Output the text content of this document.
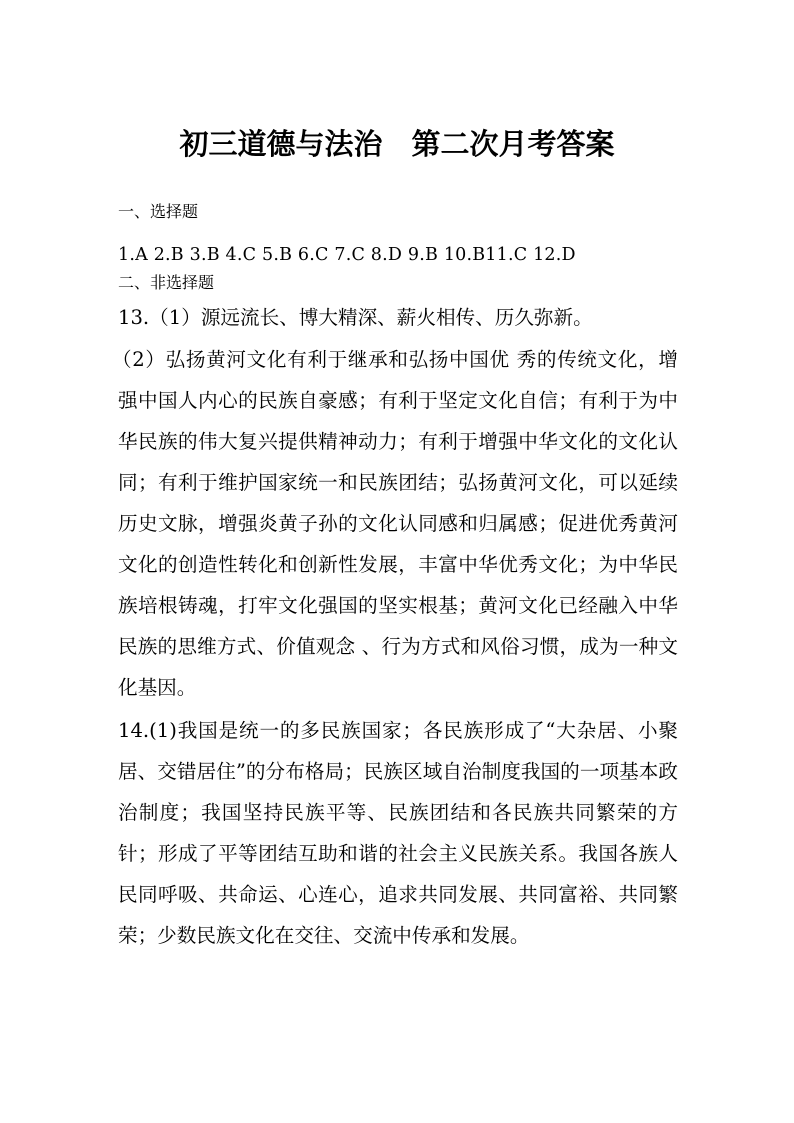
初三道德与法治　第二次月考答案
一、选择题
1.A 2.B 3.B 4.C 5.B 6.C 7.C 8.D 9.B 10.B11.C 12.D
二、非选择题
13.（1）源远流长、博大精深、薪火相传、历久弥新。
（2）弘扬黄河文化有利于继承和弘扬中国优 秀的传统文化，增强中国人内心的民族自豪感；有利于坚定文化自信；有利于为中华民族的伟大复兴提供精神动力；有利于增强中华文化的文化认同；有利于维护国家统一和民族团结；弘扬黄河文化，可以延续历史文脉，增强炎黄子孙的文化认同感和归属感；促进优秀黄河文化的创造性转化和创新性发展，丰富中华优秀文化；为中华民族培根铸魂，打牢文化强国的坚实根基；黄河文化已经融入中华民族的思维方式、价值观念 、行为方式和风俗习惯，成为一种文化基因。
14.(1)我国是统一的多民族国家；各民族形成了“大杂居、小聚居、交错居住”的分布格局；民族区域自治制度我国的一项基本政治制度；我国坚持民族平等、民族团结和各民族共同繁荣的方针；形成了平等团结互助和谐的社会主义民族关系。我国各族人民同呼吸、共命运、心连心，追求共同发展、共同富裕、共同繁荣；少数民族文化在交往、交流中传承和发展。
